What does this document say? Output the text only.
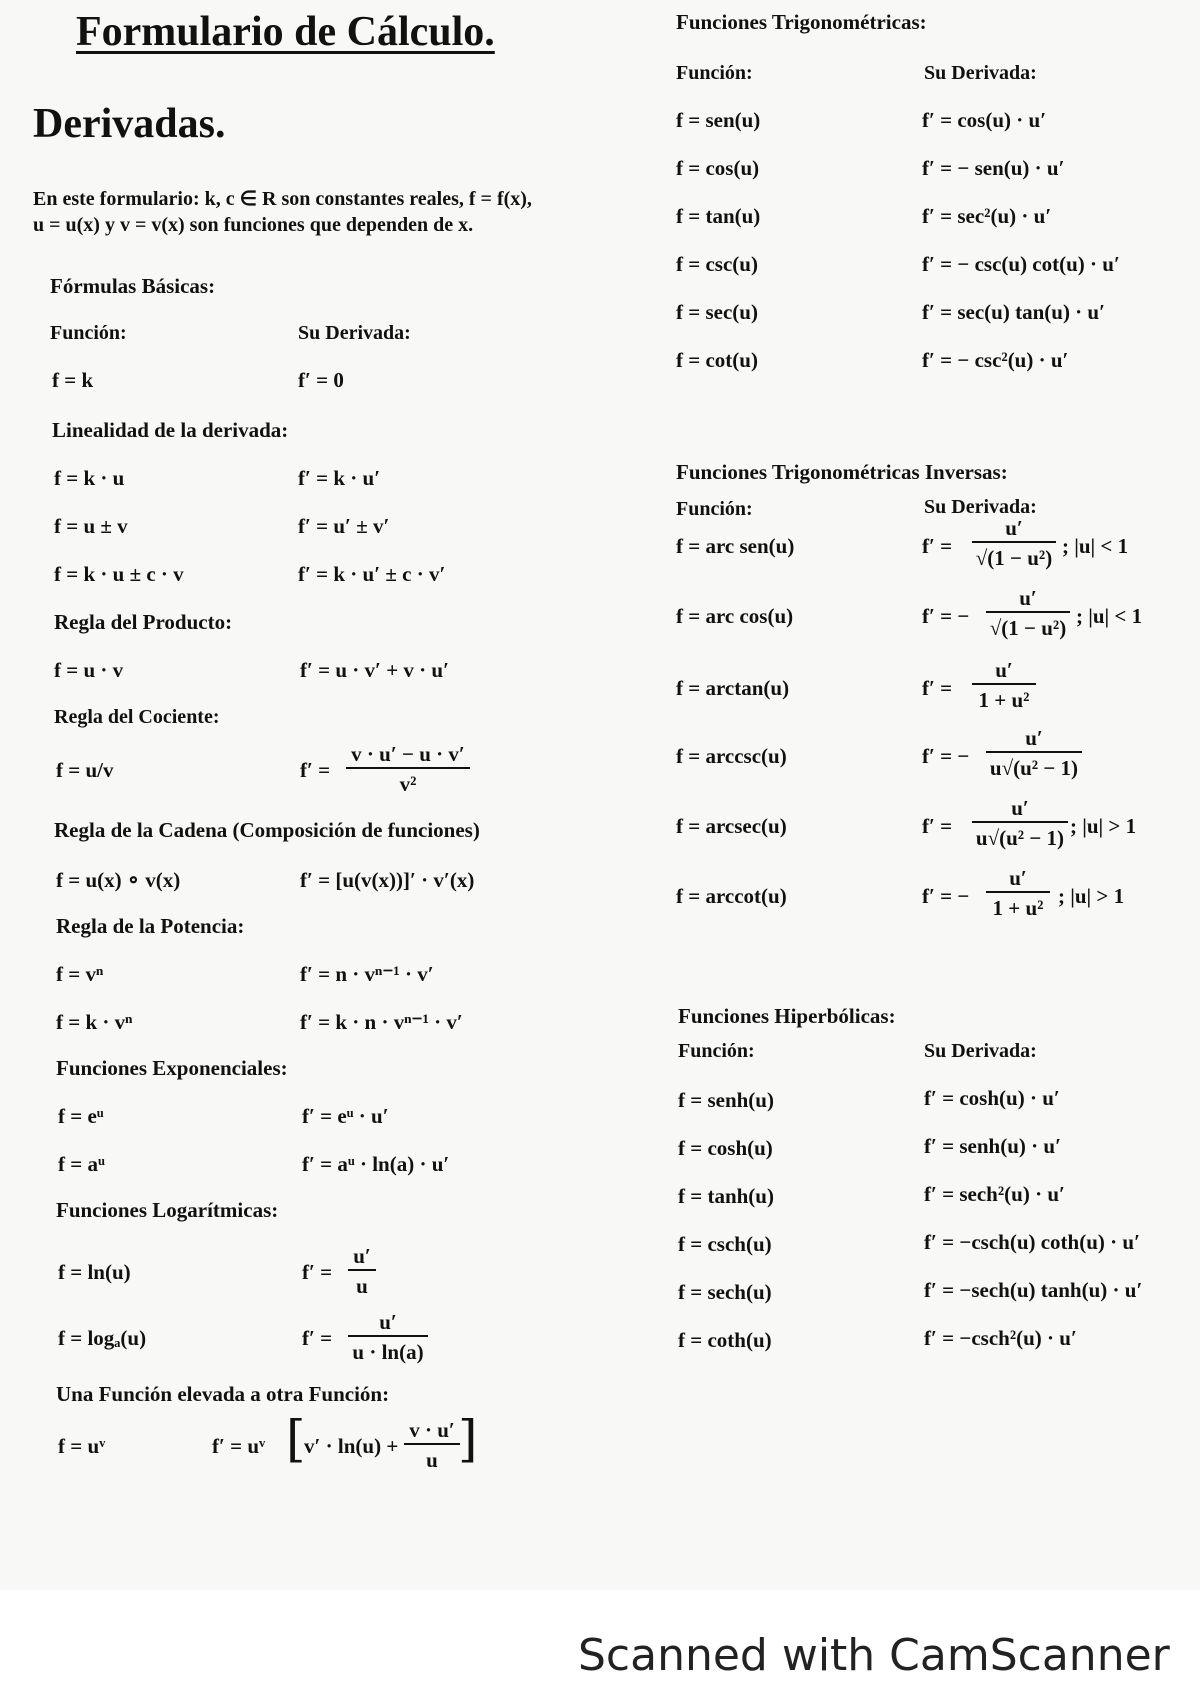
Formulario de Cálculo.
Derivadas.
En este formulario: k, c ∈ R son constantes reales, f = f(x),
u = u(x) y v = v(x) son funciones que dependen de x.
Fórmulas Básicas:
Función:	Su Derivada:
f = k	f′ = 0
Linealidad de la derivada:
f = k · u	f′ = k · u′
f = u ± v	f′ = u′ ± v′
f = k · u ± c · v	f′ = k · u′ ± c · v′
Regla del Producto:
f = u · v	f′ = u · v′ + v · u′
Regla del Cociente:
f = u/v	f′ =
v · u′ − u · v′
v²
Regla de la Cadena (Composición de funciones)
f = u(x) ∘ v(x)	f′ = [u(v(x))]′ · v′(x)
Regla de la Potencia:
f = vⁿ	f′ = n · vⁿ⁻¹ · v′
f = k · vⁿ	f′ = k · n · vⁿ⁻¹ · v′
Funciones Exponenciales:
f = eᵘ	f′ = eᵘ · u′
f = aᵘ	f′ = aᵘ · ln(a) · u′
Funciones Logarítmicas:
f = ln(u)	f′ =
u′
u
f = logₐ(u)	f′ =
u′
u · ln(a)
Una Función elevada a otra Función:
f = uᵛ	f′ = uᵛ [
v′ · ln(u) +
v · u′
u ]
Funciones Trigonométricas:
Función:	Su Derivada:
f = sen(u)	f′ = cos(u) · u′
f = cos(u)	f′ = − sen(u) · u′
f = tan(u)	f′ = sec²(u) · u′
f = csc(u)	f′ = − csc(u) cot(u) · u′
f = sec(u)	f′ = sec(u) tan(u) · u′
f = cot(u)	f′ = − csc²(u) · u′
Funciones Trigonométricas Inversas:
Función:	Su Derivada:
f = arc sen(u)	f′ =
u′
√(1 − u²) ; |u| < 1
f = arc cos(u)	f′ = −
u′
√(1 − u²) ; |u| < 1
f = arctan(u)	f′ =
u′
1 + u²
f = arccsc(u)	f′ = −
u′
u√(u² − 1)
f = arcsec(u)	f′ =
u′
u√(u² − 1) ; |u| > 1
f = arccot(u)	f′ = −
u′
1 + u² ; |u| > 1
Funciones Hiperbólicas:
Función:	Su Derivada:
f = senh(u)	f′ = cosh(u) · u′
f = cosh(u)	f′ = senh(u) · u′
f = tanh(u)	f′ = sech²(u) · u′
f = csch(u)	f′ = −csch(u) coth(u) · u′
f = sech(u)	f′ = −sech(u) tanh(u) · u′
f = coth(u)	f′ = −csch²(u) · u′
Scanned with CamScanner
